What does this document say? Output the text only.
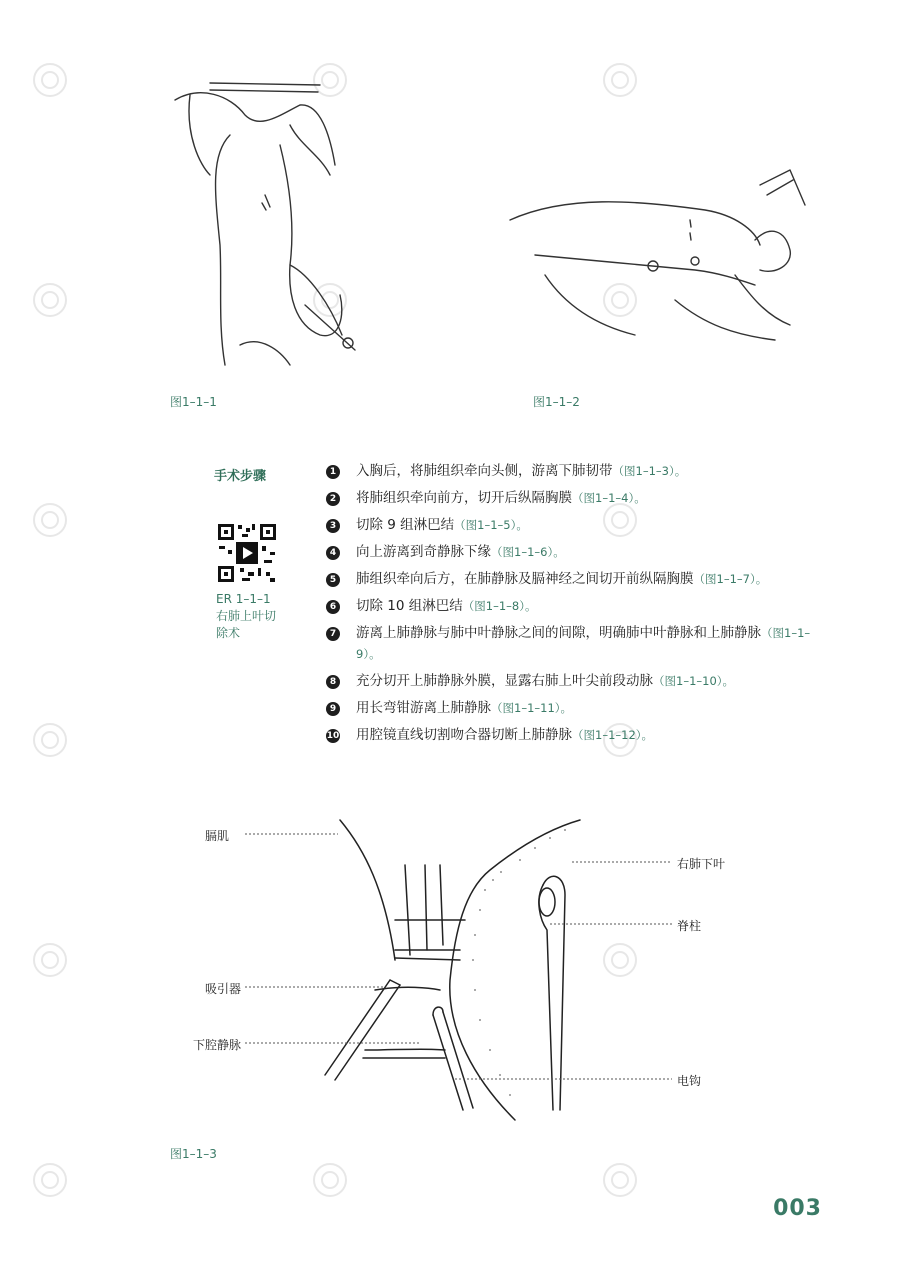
图1–1–1	图1–1–2
手术步骤
ER 1–1–1 右肺上叶切除术
1 入胸后，将肺组织牵向头侧，游离下肺韧带（图1–1–3）。
2 将肺组织牵向前方，切开后纵隔胸膜（图1–1–4）。
3 切除 9 组淋巴结（图1–1–5）。
4 向上游离到奇静脉下缘（图1–1–6）。
5 肺组织牵向后方，在肺静脉及膈神经之间切开前纵隔胸膜（图1–1–7）。
6 切除 10 组淋巴结（图1–1–8）。
7 游离上肺静脉与肺中叶静脉之间的间隙，明确肺中叶静脉和上肺静脉（图1–1–9）。
8 充分切开上肺静脉外膜，显露右肺上叶尖前段动脉（图1–1–10）。
9 用长弯钳游离上肺静脉（图1–1–11）。
10 用腔镜直线切割吻合器切断上肺静脉（图1–1–12）。
膈肌
吸引器
下腔静脉
右肺下叶
脊柱
电钩
图1–1–3
003
